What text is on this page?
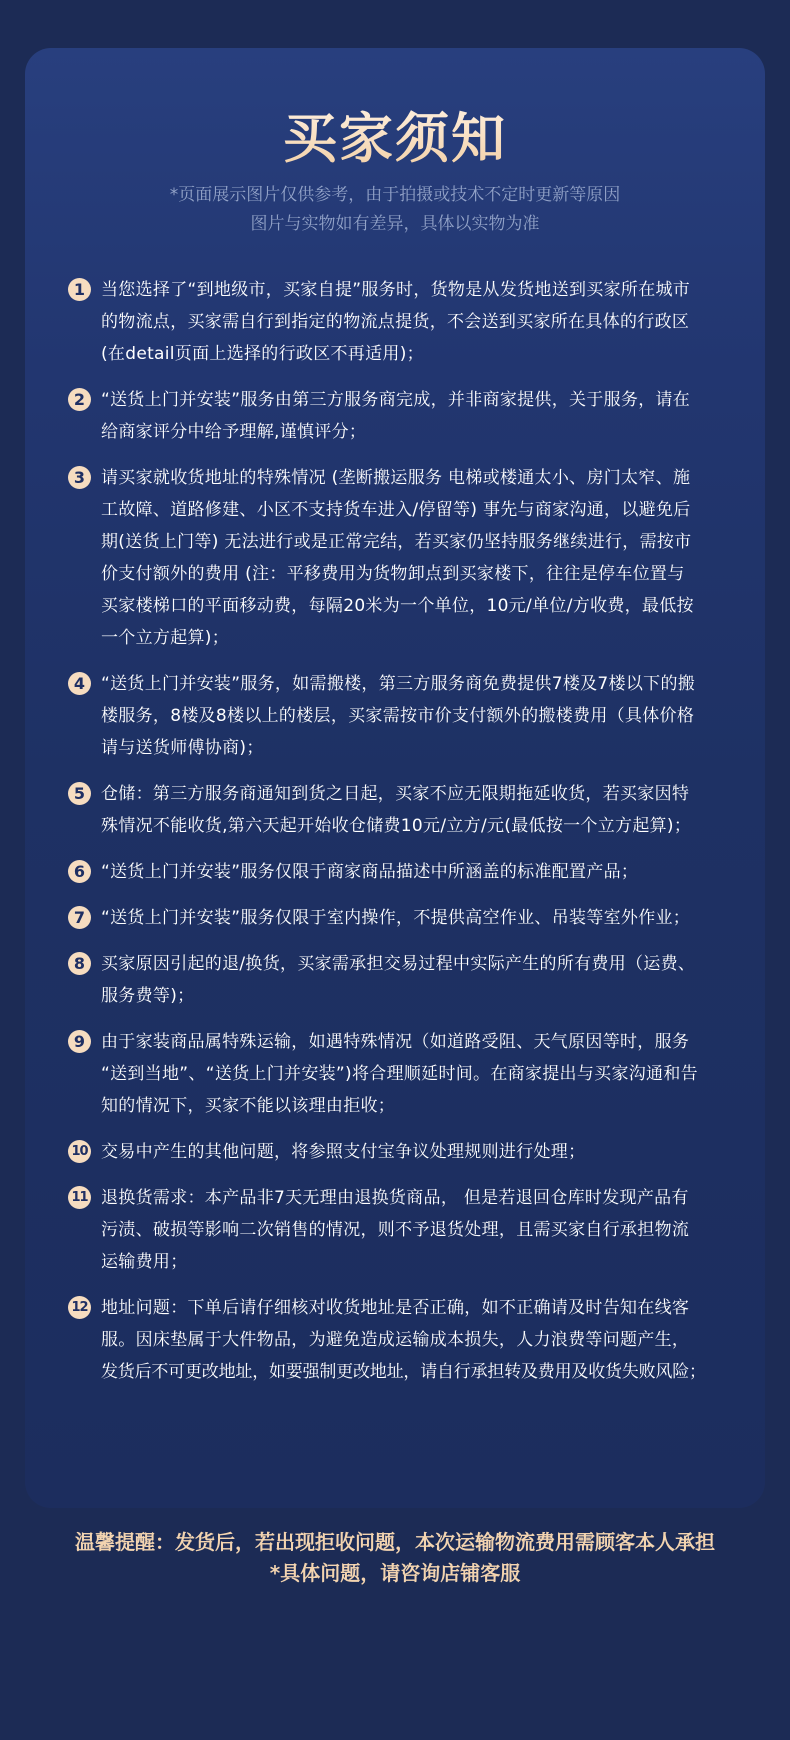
买家须知
*页面展示图片仅供参考，由于拍摄或技术不定时更新等原因
图片与实物如有差异，具体以实物为准
1 当您选择了“到地级市，买家自提”服务时，货物是从发货地送到买家所在城市
的物流点，买家需自行到指定的物流点提货，不会送到买家所在具体的行政区
(在detail页面上选择的行政区不再适用)；

2 “送货上门并安装”服务由第三方服务商完成，并非商家提供，关于服务，请在
给商家评分中给予理解,谨慎评分；

3 请买家就收货地址的特殊情况 (垄断搬运服务 电梯或楼通太小、房门太窄、施
工故障、道路修建、小区不支持货车进入/停留等) 事先与商家沟通，以避免后
期(送货上门等) 无法进行或是正常完结，若买家仍坚持服务继续进行，需按市
价支付额外的费用 (注：平移费用为货物卸点到买家楼下，往往是停车位置与
买家楼梯口的平面移动费，每隔20米为一个单位，10元/单位/方收费，最低按
一个立方起算)；

4 “送货上门并安装”服务，如需搬楼，第三方服务商免费提供7楼及7楼以下的搬
楼服务，8楼及8楼以上的楼层，买家需按市价支付额外的搬楼费用（具体价格
请与送货师傅协商)；

5 仓储：第三方服务商通知到货之日起，买家不应无限期拖延收货，若买家因特
殊情况不能收货,第六天起开始收仓储费10元/立方/元(最低按一个立方起算)；

6 “送货上门并安装”服务仅限于商家商品描述中所涵盖的标准配置产品；

7 “送货上门并安装”服务仅限于室内操作，不提供高空作业、吊装等室外作业；

8 买家原因引起的退/换货，买家需承担交易过程中实际产生的所有费用（运费、
服务费等)；

9 由于家装商品属特殊运输，如遇特殊情况（如道路受阻、天气原因等时，服务
“送到当地”、“送货上门并安装”)将合理顺延时间。在商家提出与买家沟通和告
知的情况下，买家不能以该理由拒收；

10 交易中产生的其他问题，将参照支付宝争议处理规则进行处理；

11 退换货需求：本产品非7天无理由退换货商品， 但是若退回仓库时发现产品有
污渍、破损等影响二次销售的情况，则不予退货处理，且需买家自行承担物流
运输费用；

12 地址问题：下单后请仔细核对收货地址是否正确，如不正确请及时告知在线客
服。因床垫属于大件物品，为避免造成运输成本损失，人力浪费等问题产生，
发货后不可更改地址，如要强制更改地址，请自行承担转及费用及收货失败风险；

温馨提醒：发货后，若出现拒收问题，本次运输物流费用需顾客本人承担
*具体问题，请咨询店铺客服
